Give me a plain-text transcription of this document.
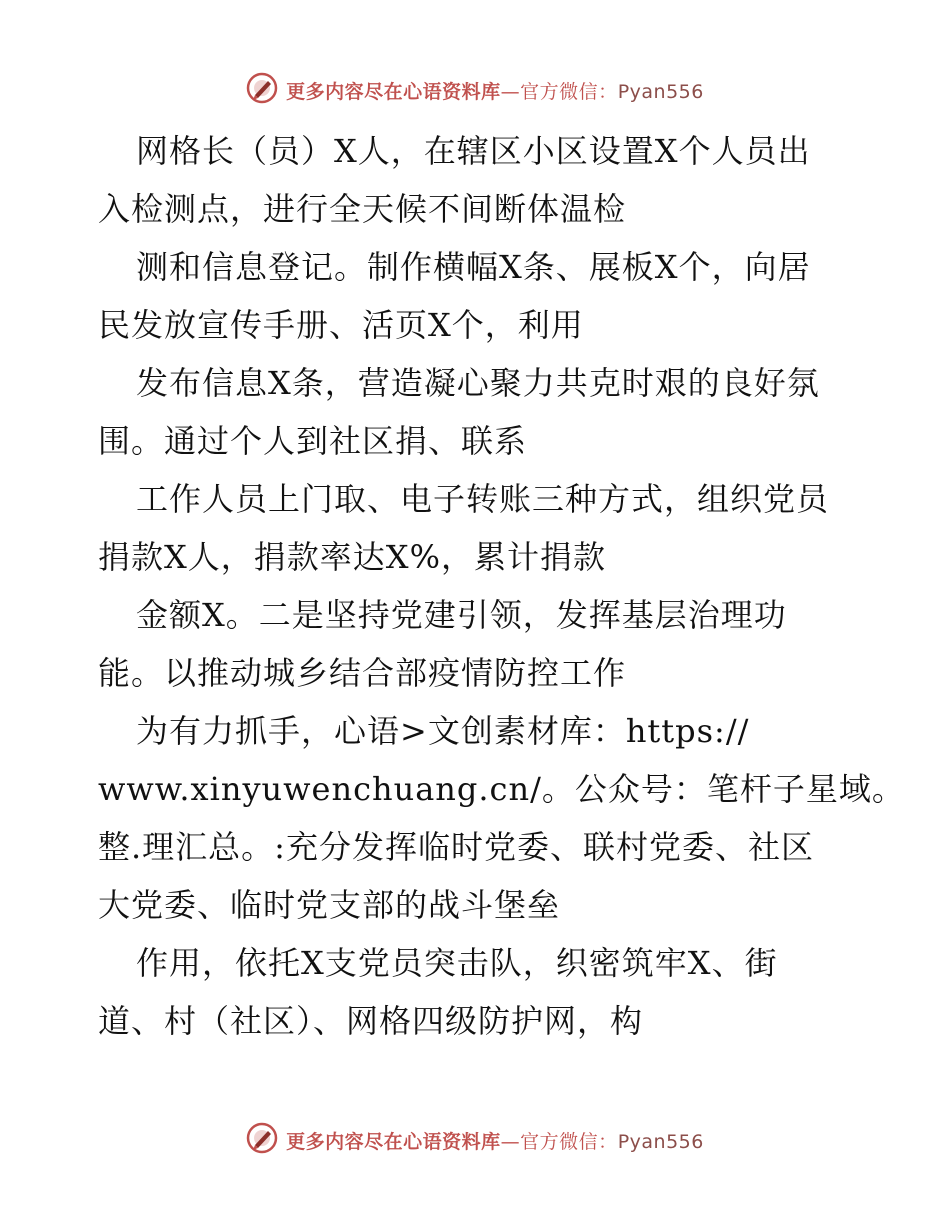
更多内容尽在心语资料库—官方微信：Pyan556
网格长（员）X人，在辖区小区设置X个人员出
入检测点，进行全天候不间断体温检
测和信息登记。制作横幅X条、展板X个，向居
民发放宣传手册、活页X个，利用
发布信息X条，营造凝心聚力共克时艰的良好氛
围。通过个人到社区捐、联系
工作人员上门取、电子转账三种方式，组织党员
捐款X人，捐款率达X%，累计捐款
金额X。二是坚持党建引领，发挥基层治理功
能。以推动城乡结合部疫情防控工作
为有力抓手，心语>文创素材库：https://
www.xinyuwenchuang.cn/。公众号：笔杆子星域。
整.理汇总。:充分发挥临时党委、联村党委、社区
大党委、临时党支部的战斗堡垒
作用，依托X支党员突击队，织密筑牢X、街
道、村（社区）、网格四级防护网，构
更多内容尽在心语资料库—官方微信：Pyan556
